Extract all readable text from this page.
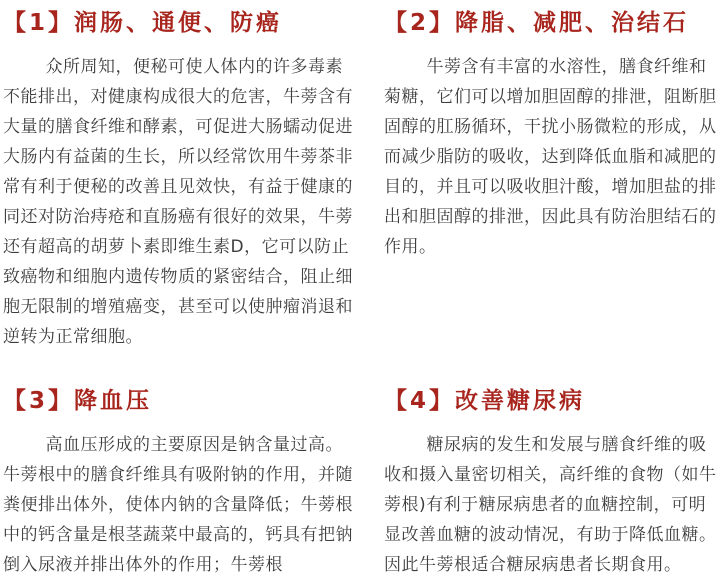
【1】润肠、通便、防癌

众所周知，便秘可使人体内的许多毒素不能排出，对健康构成很大的危害，牛蒡含有大量的膳食纤维和酵素，可促进大肠蠕动促进大肠内有益菌的生长，所以经常饮用牛蒡茶非常有利于便秘的改善且见效快，有益于健康的同还对防治痔疮和直肠癌有很好的效果，牛蒡还有超高的胡萝卜素即维生素D，它可以防止致癌物和细胞内遗传物质的紧密结合，阻止细胞无限制的增殖癌变，甚至可以使肿瘤消退和逆转为正常细胞。

【2】降脂、减肥、治结石

牛蒡含有丰富的水溶性，膳食纤维和菊糖，它们可以增加胆固醇的排泄，阻断胆固醇的肛肠循环，干扰小肠微粒的形成，从而减少脂防的吸收，达到降低血脂和减肥的目的，并且可以吸收胆汁酸，增加胆盐的排出和胆固醇的排泄，因此具有防治胆结石的作用。

【3】降血压

高血压形成的主要原因是钠含量过高。牛蒡根中的膳食纤维具有吸附钠的作用，并随粪便排出体外，使体内钠的含量降低；牛蒡根中的钙含量是根茎蔬菜中最高的，钙具有把钠倒入尿液并排出体外的作用；牛蒡根

【4】改善糖尿病

糖尿病的发生和发展与膳食纤维的吸收和摄入量密切相关，高纤维的食物（如牛蒡根)有利于糖尿病患者的血糖控制，可明显改善血糖的波动情况，有助于降低血糖。因此牛蒡根适合糖尿病患者长期食用。
